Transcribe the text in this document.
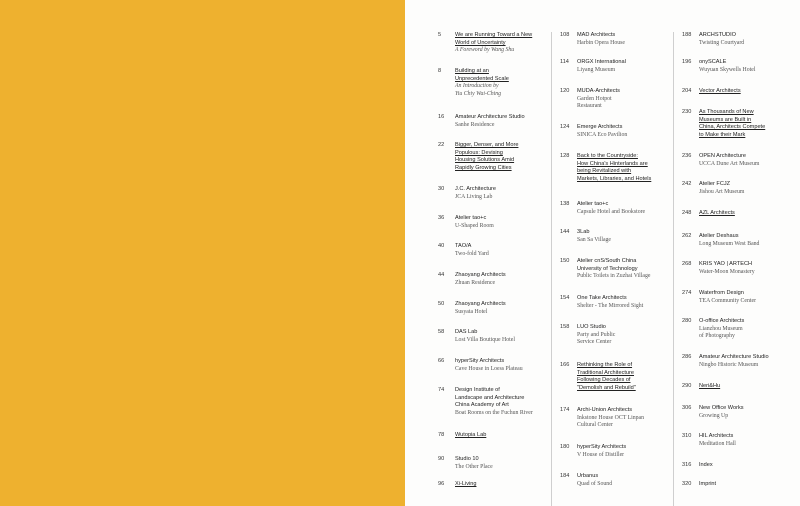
5 We are Running Toward a New
World of Uncertainty
A Foreword by Wang Shu
8 Building at an
Unprecedented Scale
An Introduction by
Yiu Chiy Wai-Ching
16 Amateur Architecture Studio
Sanhe Residence
22 Bigger, Denser, and More
Populous: Devising
Housing Solutions Amid
Rapidly Growing Cities
30 J.C. Architecture
JCA Living Lab
36 Atelier tao+c
U-Shaped Room
40 TAO/A
Two-fold Yard
44 Zhaoyang Architects
Zhuan Residence
50 Zhaoyang Architects
Susyata Hotel
58 DAS Lab
Lost Villa Boutique Hotel
66 hyperSity Architects
Cave House in Loess Plateau
74 Design Institute of
Landscape and Architecture
China Academy of Art
Boat Rooms on the Fuchun River
78 Wutopia Lab
90 Studio 10
The Other Place
96 Xi-Living
108 MAD Architects
Harbin Opera House
114 ORGX International
Liyang Museum
120 MUDA-Architects
Garden Hotpot
Restaurant
124 Emerge Architects
SINICA Eco Pavilion
128 Back to the Countryside:
How China's Hinterlands are
being Revitalized with
Markets, Libraries, and Hotels
138 Atelier tao+c
Capsule Hotel and Bookstore
144 3Lab
San Sa Village
150 Atelier cnS/South China
University of Technology
Public Toilets in Zuzhai Village
154 One Take Architects
Shelter - The Mirrored Sight
158 LUO Studio
Party and Public
Service Center
166 Rethinking the Role of
Traditional Architecture
Following Decades of
"Demolish and Rebuild"
174 Archi-Union Architects
Inkstone House OCT Linpan
Cultural Center
180 hyperSity Architects
V House of Distiller
184 Urbanus
Quad of Sound
188 ARCHSTUDIO
Twisting Courtyard
196 onySCALE
Wuyuan Skywells Hotel
204 Vector Architects
230 As Thousands of New
Museums are Built in
China, Architects Compete
to Make their Mark
236 OPEN Architecture
UCCA Dune Art Museum
242 Atelier FCJZ
Jishou Art Museum
248 AZL Architects
262 Atelier Deshaus
Long Museum West Band
268 KRIS YAO | ARTECH
Water-Moon Monastery
274 Waterfrom Design
TEA Community Center
280 O-office Architects
Lianzhou Museum
of Photography
286 Amateur Architecture Studio
Ningbo Historic Museum
290 Neri&Hu
306 New Office Works
Growing Up
310 HIL Architects
Meditation Hall
316 Index
320 Imprint
